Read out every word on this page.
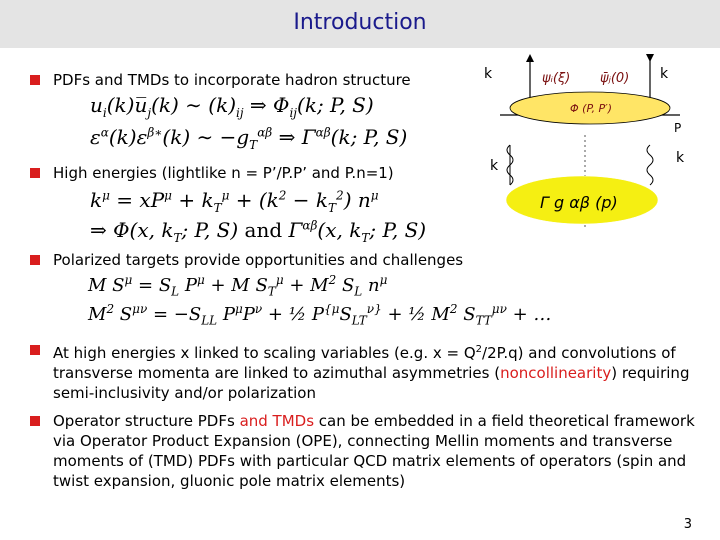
Introduction
PDFs and TMDs to incorporate hadron structure
$u_i(k)u̅_j(k)$ ∼ $(k)_{ij}$ ⇒ $\Phi_{ij}(k$; P, S)
$\varepsilon^\alpha(k)\varepsilon^{\beta∗}(k)$ ∼ $-g_T^{\alpha\beta}$ ⇒ $\Gamma^{\alpha\beta}(k$; P, S)
High energies (lightlike n = P’/P.P’ and P.n=1)
$k^\mu = xP^\mu + k_T^\mu + (k^2 - k_T^2)$ $n^\mu$
⇒ Φ(x, $k_T$; P, S) and $\Gamma^{\alpha\beta}(x$, $k_T$; P, S)
Polarized targets provide opportunities and challenges
M $S^\mu = S_L$ $P^\mu + M$ $S_T^\mu + M^2$ $S_L$ $n^\mu$
$M^2$ $S^{\mu\nu} = -S_{LL}$ $P^\mu P^\nu$ + ½ $P^{\{\mu}S_{LT}^{\nu\}}$ + ½ $M^2$ $S_{TT}^{\mu\nu}$ + …
At high energies x linked to scaling variables (e.g. $x = Q^2/2P.q$) and convolutions of transverse momenta are linked to azimuthal asymmetries (noncollinearity) requiring semi-inclusivity and/or polarization
Operator structure PDFs and TMDs can be embedded in a field theoretical framework via Operator Product Expansion (OPE), connecting Mellin moments and transverse moments of (TMD) PDFs with particular QCD matrix elements of operators (spin and twist expansion, gluonic pole matrix elements)
k	k
ψᵢ(ξ) ψ̄ⱼ(0)
Φ (P, P′)
P
k	k
Γ g αβ (p)
3
